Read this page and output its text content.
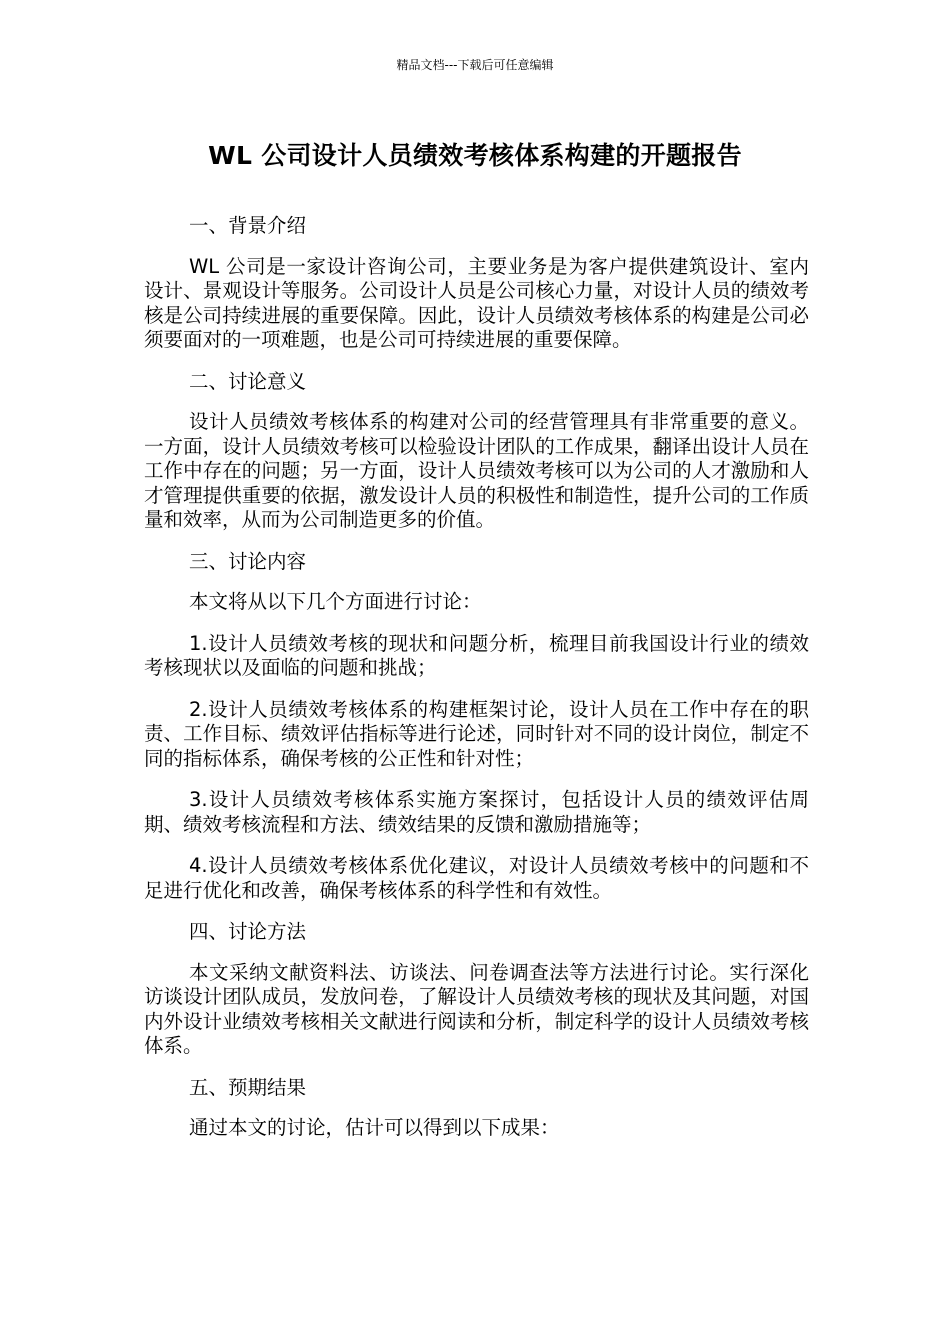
精品文档---下载后可任意编辑
WL 公司设计人员绩效考核体系构建的开题报告

一、背景介绍

WL 公司是一家设计咨询公司，主要业务是为客户提供建筑设计、室内设计、景观设计等服务。公司设计人员是公司核心力量，对设计人员的绩效考核是公司持续进展的重要保障。因此，设计人员绩效考核体系的构建是公司必须要面对的一项难题，也是公司可持续进展的重要保障。

二、讨论意义

设计人员绩效考核体系的构建对公司的经营管理具有非常重要的意义。一方面，设计人员绩效考核可以检验设计团队的工作成果，翻译出设计人员在工作中存在的问题；另一方面，设计人员绩效考核可以为公司的人才激励和人才管理提供重要的依据，激发设计人员的积极性和制造性，提升公司的工作质量和效率，从而为公司制造更多的价值。

三、讨论内容

本文将从以下几个方面进行讨论：

1.设计人员绩效考核的现状和问题分析，梳理目前我国设计行业的绩效考核现状以及面临的问题和挑战；

2.设计人员绩效考核体系的构建框架讨论，设计人员在工作中存在的职责、工作目标、绩效评估指标等进行论述，同时针对不同的设计岗位，制定不同的指标体系，确保考核的公正性和针对性；

3.设计人员绩效考核体系实施方案探讨，包括设计人员的绩效评估周期、绩效考核流程和方法、绩效结果的反馈和激励措施等；

4.设计人员绩效考核体系优化建议，对设计人员绩效考核中的问题和不足进行优化和改善，确保考核体系的科学性和有效性。

四、讨论方法

本文采纳文献资料法、访谈法、问卷调查法等方法进行讨论。实行深化访谈设计团队成员，发放问卷，了解设计人员绩效考核的现状及其问题，对国内外设计业绩效考核相关文献进行阅读和分析，制定科学的设计人员绩效考核体系。

五、预期结果

通过本文的讨论，估计可以得到以下成果：
